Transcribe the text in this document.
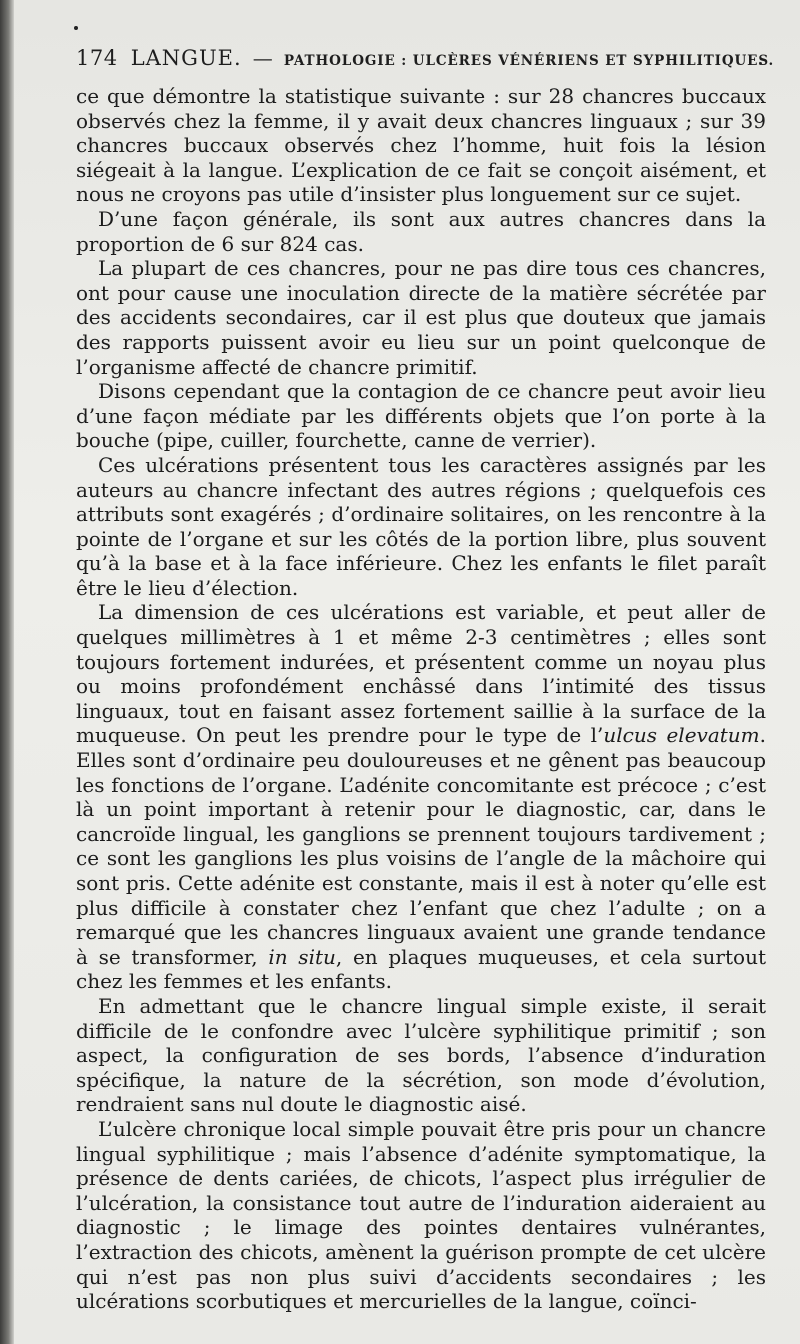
174 LANGUE. — PATHOLOGIE : ULCÈRES VÉNÉRIENS ET SYPHILITIQUES.

ce que démontre la statistique suivante : sur 28 chancres buccaux observés chez la femme, il y avait deux chancres linguaux ; sur 39 chancres buccaux observés chez l’homme, huit fois la lésion siégeait à la langue. L’explication de ce fait se conçoit aisément, et nous ne croyons pas utile d’insister plus longuement sur ce sujet.

D’une façon générale, ils sont aux autres chancres dans la proportion de 6 sur 824 cas.

La plupart de ces chancres, pour ne pas dire tous ces chancres, ont pour cause une inoculation directe de la matière sécrétée par des accidents secondaires, car il est plus que douteux que jamais des rapports puissent avoir eu lieu sur un point quelconque de l’organisme affecté de chancre primitif.

Disons cependant que la contagion de ce chancre peut avoir lieu d’une façon médiate par les différents objets que l’on porte à la bouche (pipe, cuiller, fourchette, canne de verrier).

Ces ulcérations présentent tous les caractères assignés par les auteurs au chancre infectant des autres régions ; quelquefois ces attributs sont exagérés ; d’ordinaire solitaires, on les rencontre à la pointe de l’organe et sur les côtés de la portion libre, plus souvent qu’à la base et à la face inférieure. Chez les enfants le filet paraît être le lieu d’élection.

La dimension de ces ulcérations est variable, et peut aller de quelques millimètres à 1 et même 2-3 centimètres ; elles sont toujours fortement indurées, et présentent comme un noyau plus ou moins profondément enchâssé dans l’intimité des tissus linguaux, tout en faisant assez fortement saillie à la surface de la muqueuse. On peut les prendre pour le type de l’ulcus elevatum. Elles sont d’ordinaire peu douloureuses et ne gênent pas beaucoup les fonctions de l’organe. L’adénite concomitante est précoce ; c’est là un point important à retenir pour le diagnostic, car, dans le cancroïde lingual, les ganglions se prennent toujours tardivement ; ce sont les ganglions les plus voisins de l’angle de la mâchoire qui sont pris. Cette adénite est constante, mais il est à noter qu’elle est plus difficile à constater chez l’enfant que chez l’adulte ; on a remarqué que les chancres linguaux avaient une grande tendance à se transformer, in situ, en plaques muqueuses, et cela surtout chez les femmes et les enfants.

En admettant que le chancre lingual simple existe, il serait difficile de le confondre avec l’ulcère syphilitique primitif ; son aspect, la configuration de ses bords, l’absence d’induration spécifique, la nature de la sécrétion, son mode d’évolution, rendraient sans nul doute le diagnostic aisé.

L’ulcère chronique local simple pouvait être pris pour un chancre lingual syphilitique ; mais l’absence d’adénite symptomatique, la présence de dents cariées, de chicots, l’aspect plus irrégulier de l’ulcération, la consistance tout autre de l’induration aideraient au diagnostic ; le limage des pointes dentaires vulnérantes, l’extraction des chicots, amènent la guérison prompte de cet ulcère qui n’est pas non plus suivi d’accidents secondaires ; les ulcérations scorbutiques et mercurielles de la langue, coïnci-
